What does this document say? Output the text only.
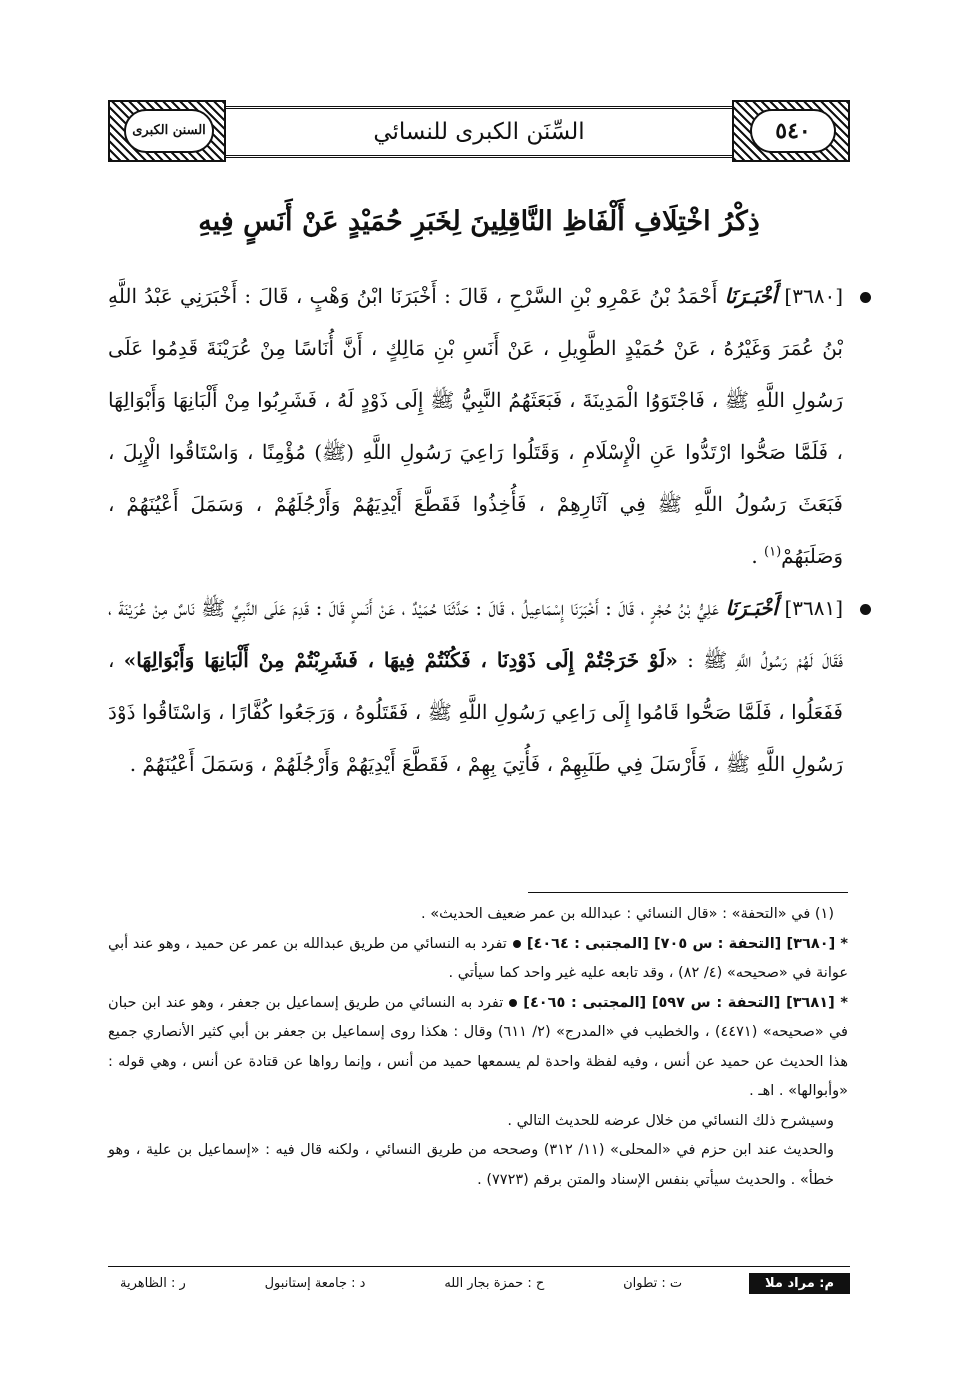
٥٤٠
السِّنَن الكبرى للنسائي
السنن الكبرى
ذِكْرُ اخْتِلَافِ أَلْفَاظِ النَّاقِلِينَ لِخَبَرِ حُمَيْدٍ عَنْ أَنَسٍ فِيهِ

[٣٦٨٠] أَخْبَـرَنَا أَحْمَدُ بْنُ عَمْرِو بْنِ السَّرْحِ ، قَالَ : أَخْبَرَنَا ابْنُ وَهْبٍ ، قَالَ : أَخْبَرَنِي عَبْدُ اللَّهِ بْنُ عُمَرَ وَغَيْرُهُ ، عَنْ حُمَيْدٍ الطَّوِيلِ ، عَنْ أَنَسِ بْنِ مَالِكٍ ، أَنَّ أُنَاسًا مِنْ عُرَيْنَةَ قَدِمُوا عَلَى رَسُولِ اللَّهِ ﷺ ، فَاجْتَوَوُا الْمَدِينَةَ ، فَبَعَثَهُمُ النَّبِيُّ ﷺ إِلَى ذَوْدٍ لَهُ ، فَشَرِبُوا مِنْ أَلْبَانِهَا وَأَبْوَالِهَا ، فَلَمَّا صَحُّوا ارْتَدُّوا عَنِ الْإِسْلَامِ ، وَقَتَلُوا رَاعِيَ رَسُولِ اللَّهِ (ﷺ) مُؤْمِنًا ، وَاسْتَاقُوا الْإِبِلَ ، فَبَعَثَ رَسُولُ اللَّهِ ﷺ فِي آثَارِهِمْ ، فَأُخِذُوا فَقَطَّعَ أَيْدِيَهُمْ وَأَرْجُلَهُمْ ، وَسَمَلَ أَعْيُنَهُمْ ، وَصَلَبَهُمْ$^{(١)}$ .

[٣٦٨١] أَخْبَـرَنَا عَلِيُّ بْنُ حُجْرٍ ، قَالَ : أَخْبَرَنَا إِسْمَاعِيلُ ، قَالَ : حَدَّثَنَا حُمَيْدٌ ، عَنْ أَنَسٍ قَالَ : قَدِمَ عَلَى النَّبِيِّ ﷺ نَاسٌ مِنْ عُرَيْنَةَ ، فَقَالَ لَهُمْ رَسُولُ اللَّهِ ﷺ : «لَوْ خَرَجْتُمْ إِلَى ذَوْدِنَا ، فَكُنْتُمْ فِيهَا ، فَشَرِبْتُمْ مِنْ أَلْبَانِهَا وَأَبْوَالِهَا» ، فَفَعَلُوا ، فَلَمَّا صَحُّوا قَامُوا إِلَى رَاعِي رَسُولِ اللَّهِ ﷺ ، فَقَتَلُوهُ ، وَرَجَعُوا كُفَّارًا ، وَاسْتَاقُوا ذَوْدَ رَسُولِ اللَّهِ ﷺ ، فَأَرْسَلَ فِي طَلَبِهِمْ ، فَأُتِيَ بِهِمْ ، فَقَطَّعَ أَيْدِيَهُمْ وَأَرْجُلَهُمْ ، وَسَمَلَ أَعْيُنَهُمْ .

(١) في «التحفة» : «قال النسائي : عبدالله بن عمر ضعيف الحديث» .

* [٣٦٨٠] [التحفة : س ٧٠٥] [المجتبى : ٤٠٦٤]تفرد به النسائي من طريق عبدالله بن عمر عن حميد ، وهو عند أبي عوانة في «صحيحه» (٤/ ٨٢) ، وقد تابعه عليه غير واحد كما سيأتي .

* [٣٦٨١] [التحفة : س ٥٩٧] [المجتبى : ٤٠٦٥]تفرد به النسائي من طريق إسماعيل بن جعفر ، وهو عند ابن حبان في «صحيحه» (٤٤٧١) ، والخطيب في «المدرج» (٢/ ٦١١) وقال : هكذا روى إسماعيل بن جعفر بن أبي كثير الأنصاري جميع هذا الحديث عن حميد عن أنس ، وفيه لفظة واحدة لم يسمعها حميد من أنس ، وإنما رواها عن قتادة عن أنس ، وهي قوله : «وأبوالها» . اهـ .

وسيشرح ذلك النسائي من خلال عرضه للحديث التالي .

والحديث عند ابن حزم في «المحلى» (١١/ ٣١٢) وصححه من طريق النسائي ، ولكنه قال فيه : «إسماعيل بن علية ، وهو خطأ» . والحديث سيأتي بنفس الإسناد والمتن برقم (٧٧٢٣) .

م: مراد ملا
ت : تطوان
ح : حمزة بجار الله
د : جامعة إستانبول
ر : الظاهرية
